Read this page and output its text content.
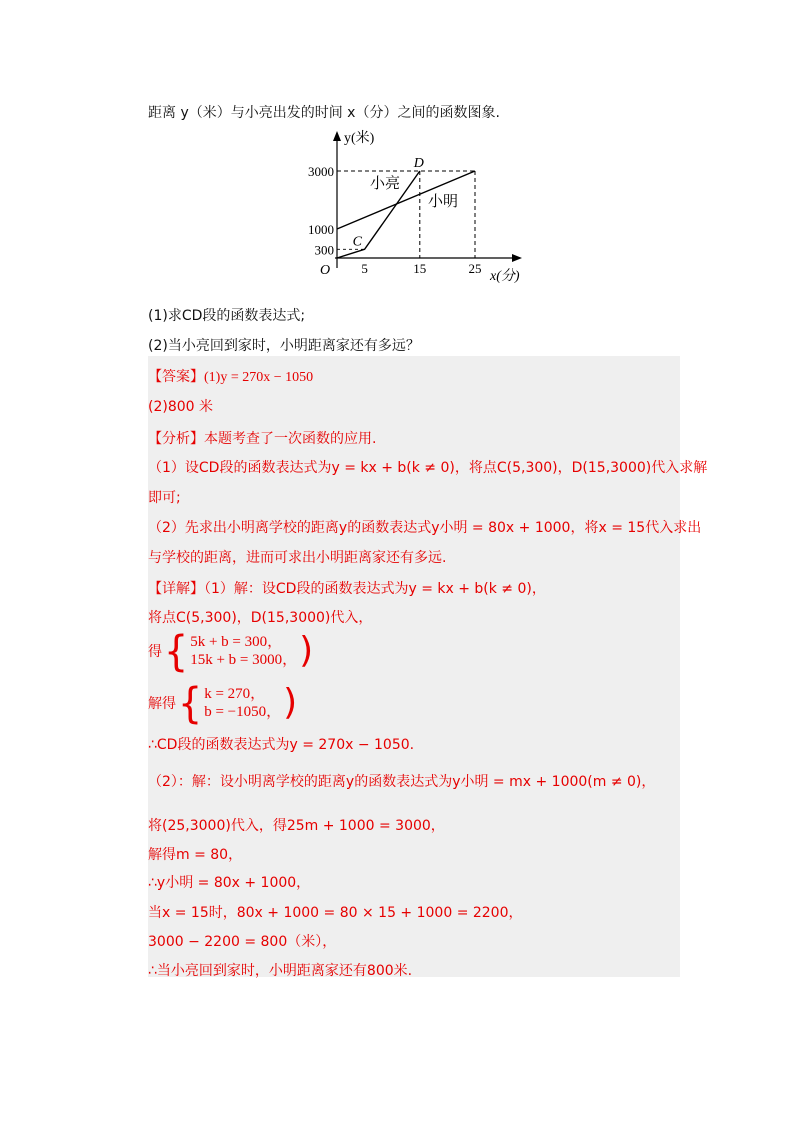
距离 y（米）与小亮出发的时间 x（分）之间的函数图象.
y(米)
x(分)
O
小亮
小明
C
D
5	15	25
300
1000
3000
(1)求CD段的函数表达式;
(2)当小亮回到家时，小明距离家还有多远？
【答案】(1)y = 270x − 1050
(2)800 米
【分析】本题考查了一次函数的应用.
（1）设CD段的函数表达式为y = kx + b(k ≠ 0)，将点C(5,300)，D(15,3000)代入求解
即可;
（2）先求出小明离学校的距离y的函数表达式y小明 = 80x + 1000，将x = 15代入求出
与学校的距离，进而可求出小明距离家还有多远.
【详解】（1）解：设CD段的函数表达式为y = kx + b(k ≠ 0)，
将点C(5,300)，D(15,3000)代入，
得 { 5k + b = 300，
15k + b = 3000， )
解得 { k = 270，
b = −1050， )
∴CD段的函数表达式为y = 270x − 1050.
（2）：解：设小明离学校的距离y的函数表达式为y小明 = mx + 1000(m ≠ 0)，
将(25,3000)代入，得25m + 1000 = 3000，
解得m = 80，
∴y小明 = 80x + 1000，
当x = 15时，80x + 1000 = 80 × 15 + 1000 = 2200，
3000 − 2200 = 800（米），
∴当小亮回到家时，小明距离家还有800米.
